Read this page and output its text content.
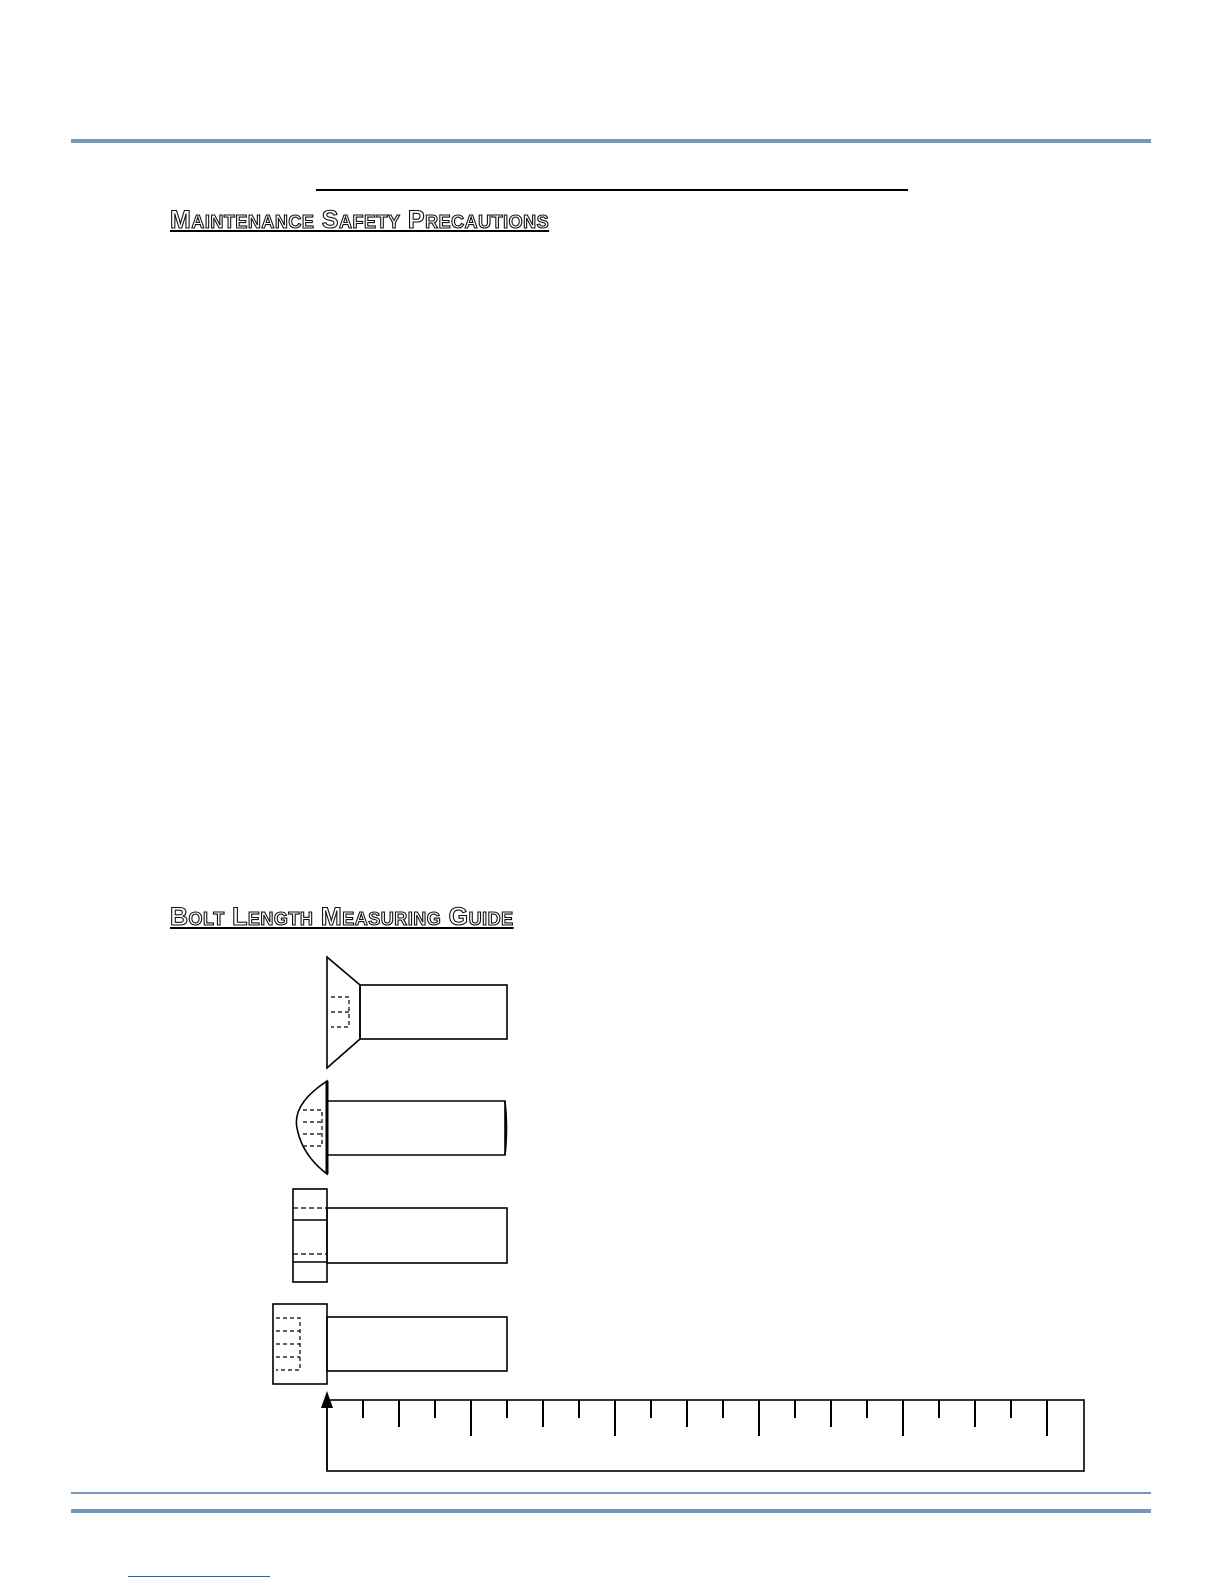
Maintenance Safety Precautions
Bolt Length Measuring Guide
